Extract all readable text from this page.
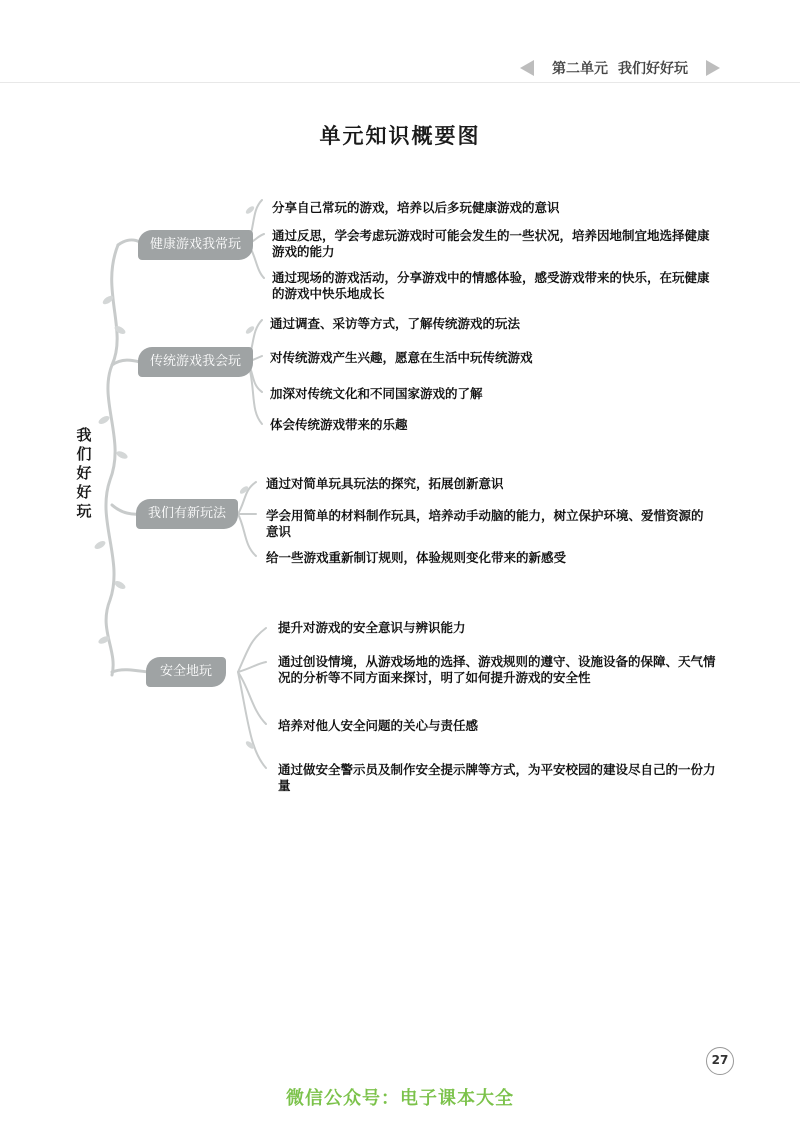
第二单元 我们好好玩
单元知识概要图
我们好好玩
健康游戏我常玩
分享自己常玩的游戏，培养以后多玩健康游戏的意识
通过反思，学会考虑玩游戏时可能会发生的一些状况，培养因地制宜地选择健康游戏的能力
通过现场的游戏活动，分享游戏中的情感体验，感受游戏带来的快乐，在玩健康的游戏中快乐地成长
传统游戏我会玩
通过调查、采访等方式，了解传统游戏的玩法
对传统游戏产生兴趣，愿意在生活中玩传统游戏
加深对传统文化和不同国家游戏的了解
体会传统游戏带来的乐趣
我们有新玩法
通过对简单玩具玩法的探究，拓展创新意识
学会用简单的材料制作玩具，培养动手动脑的能力，树立保护环境、爱惜资源的意识
给一些游戏重新制订规则，体验规则变化带来的新感受
安全地玩
提升对游戏的安全意识与辨识能力
通过创设情境，从游戏场地的选择、游戏规则的遵守、设施设备的保障、天气情况的分析等不同方面来探讨，明了如何提升游戏的安全性
培养对他人安全问题的关心与责任感
通过做安全警示员及制作安全提示牌等方式，为平安校园的建设尽自己的一份力量
27
微信公众号：电子课本大全
